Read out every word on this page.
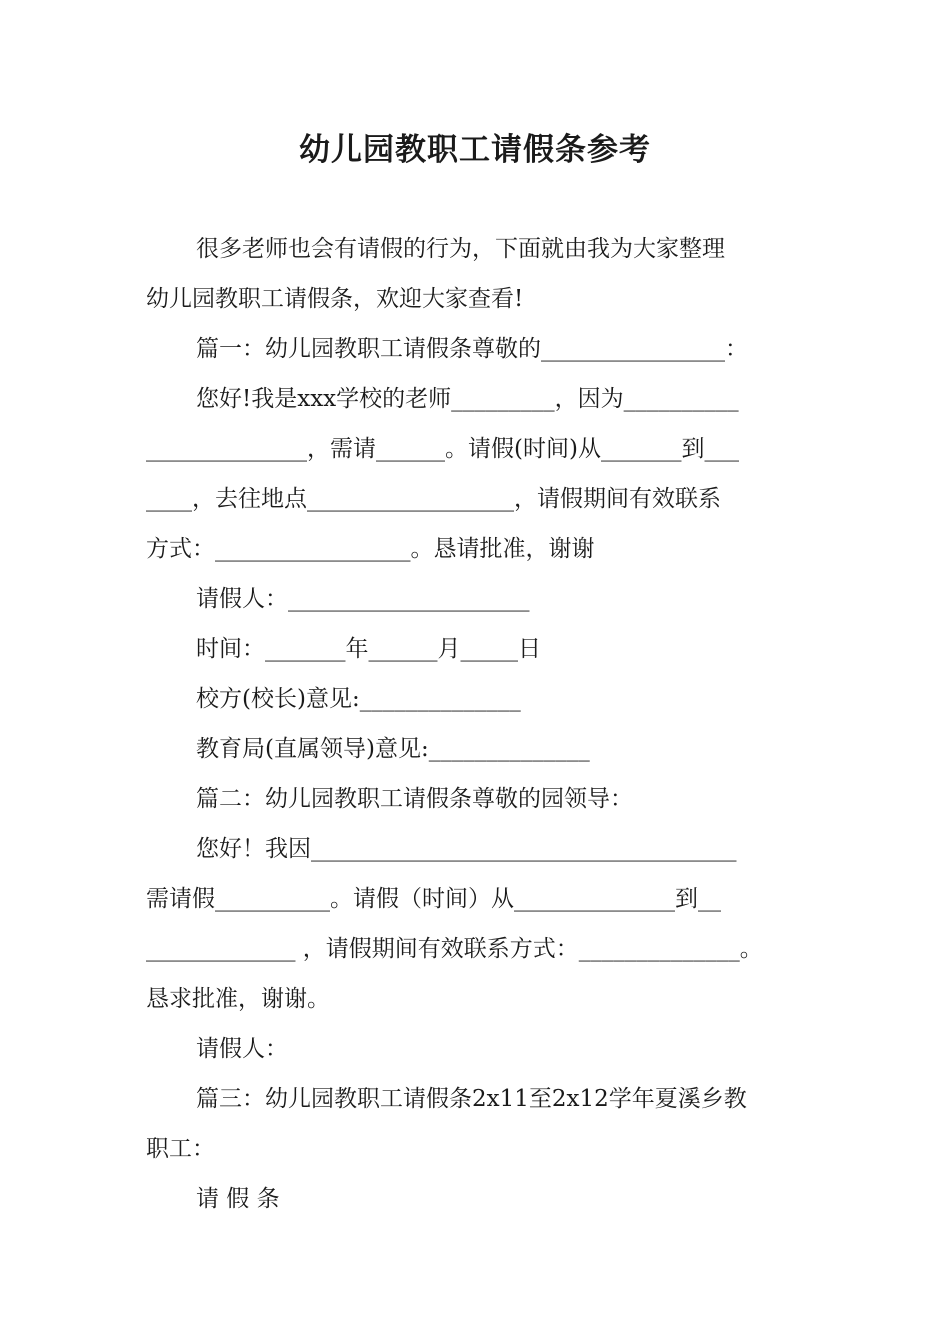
幼儿园教职工请假条参考
很多老师也会有请假的行为，下面就由我为大家整理
幼儿园教职工请假条，欢迎大家查看!
篇一：幼儿园教职工请假条尊敬的________________：
您好!我是xxx学校的老师_________，因为__________
______________，需请______。请假(时间)从_______到___
____，去往地点__________________，请假期间有效联系
方式：_________________。恳请批准，谢谢
请假人：_____________________
时间：_______年______月_____日
校方(校长)意见:______________
教育局(直属领导)意见:______________
篇二：幼儿园教职工请假条尊敬的园领导：
您好！我因_____________________________________
需请假__________。请假（时间）从______________到__
_____________ ，请假期间有效联系方式：______________。
恳求批准，谢谢。
请假人：
篇三：幼儿园教职工请假条2x11至2x12学年夏溪乡教
职工：
请 假 条
